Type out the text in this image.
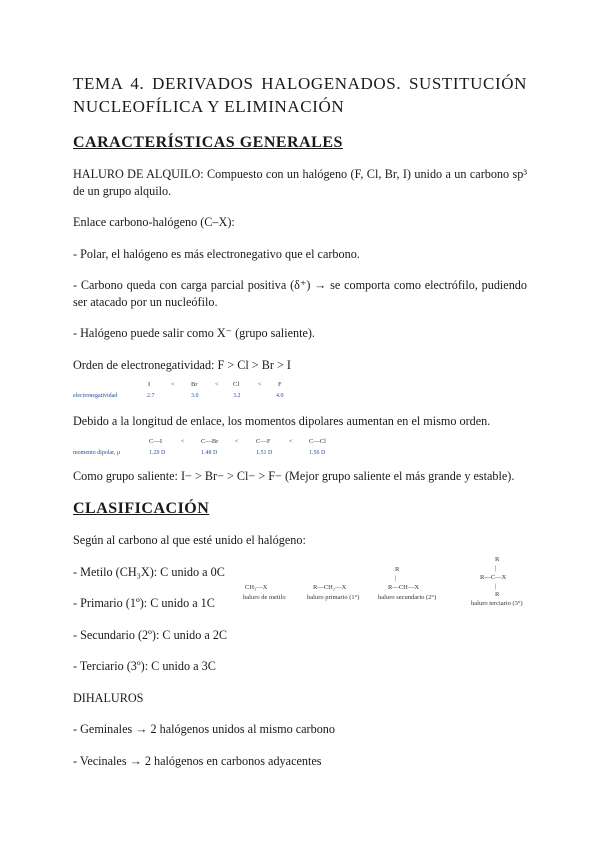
TEMA 4. DERIVADOS HALOGENADOS. SUSTITUCIÓN NUCLEOFÍLICA Y ELIMINACIÓN
CARACTERÍSTICAS GENERALES

HALURO DE ALQUILO: Compuesto con un halógeno (F, Cl, Br, I) unido a un carbono sp³ de un grupo alquilo.

Enlace carbono-halógeno (C–X):

- Polar, el halógeno es más electronegativo que el carbono.

- Carbono queda con carga parcial positiva (δ⁺) → se comporta como electrófilo, pudiendo ser atacado por un nucleófilo.

- Halógeno puede salir como X⁻ (grupo saliente).

Orden de electronegatividad: F > Cl > Br > I

electronegatividad
I	<	Br	< Cl	<	F
2.7	3.0	3.2	4.0

Debido a la longitud de enlace, los momentos dipolares aumentan en el mismo orden.

momento dipolar, μ
C—I	<	C—Br	<	C—F	<	C—Cl
1.29 D	1.48 D	1.51 D	1.56 D

Como grupo saliente: I− > Br− > Cl− > F− (Mejor grupo saliente el más grande y estable).

CLASIFICACIÓN

Según al carbono al que esté unido el halógeno:

- Metilo (CH₃X): C unido a 0C

- Primario (1º): C unido a 1C

- Secundario (2º): C unido a 2C

- Terciario (3º): C unido a 3C

CH₃—X
haluro de metilo
R—CH₂—X
haluro primario (1°)
R
|
R—CH—X
haluro secundario (2°)
R
|
R—C—X
|
R
haluro terciario (3°)

DIHALUROS

- Geminales → 2 halógenos unidos al mismo carbono

- Vecinales → 2 halógenos en carbonos adyacentes
